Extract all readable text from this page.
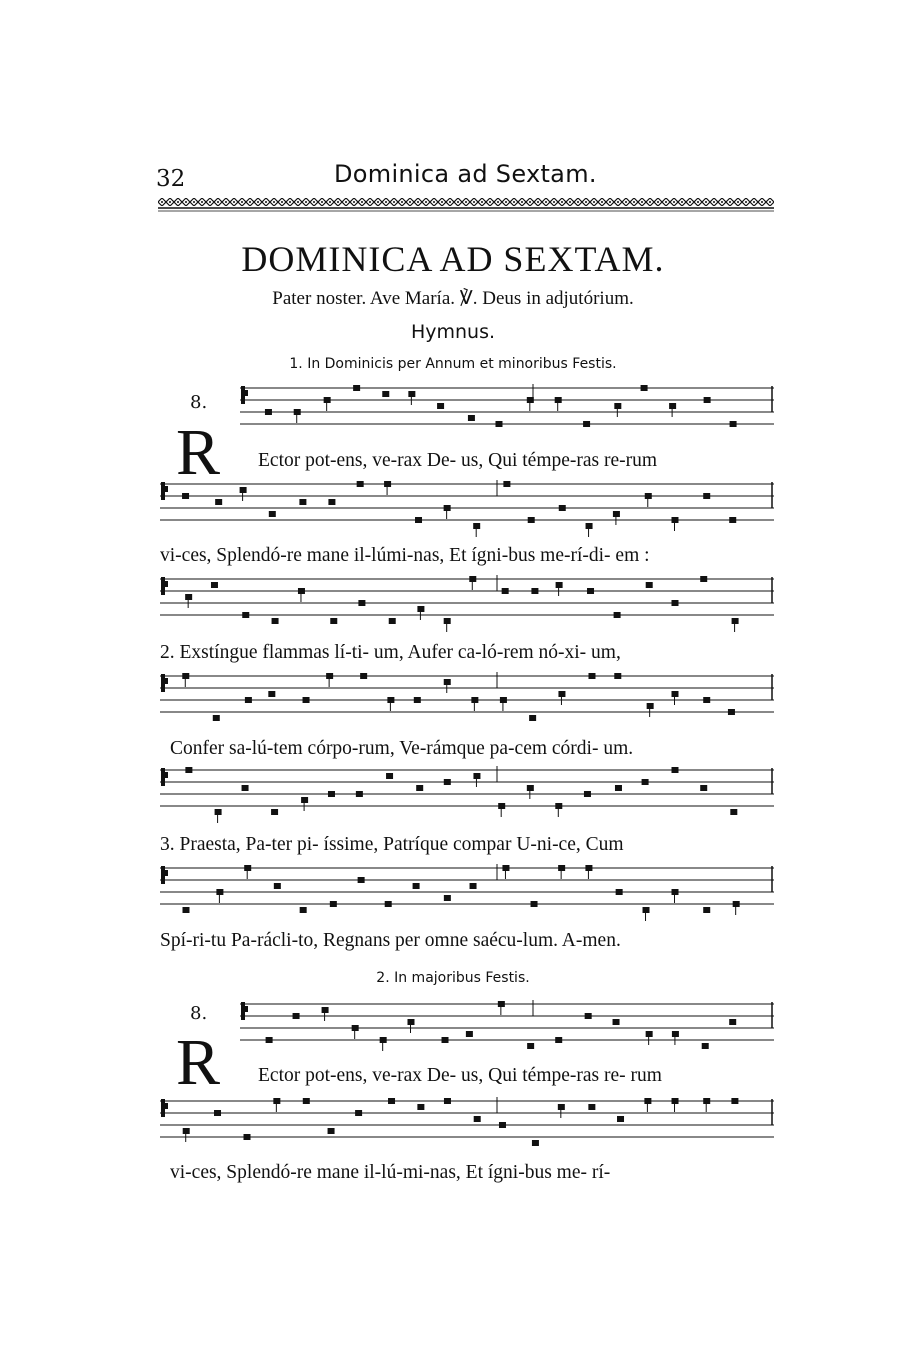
32	Dominica ad Sextam.
DOMINICA AD SEXTAM.
Pater noster. Ave María. ℣. Deus in adjutórium.
Hymnus.
1. In Dominicis per Annum et minoribus Festis.
8.
R Ector pot-ens, ve-rax De- us, Qui témpe-ras re-rum
vi-ces, Splendó-re mane il-lúmi-nas, Et ígni-bus me-rí-di- em :
2. Exstíngue flammas lí-ti- um, Aufer ca-ló-rem nó-xi- um,
Confer sa-lú-tem córpo-rum, Ve-rámque pa-cem córdi- um.
3. Praesta, Pa-ter pi- íssime, Patríque compar U-ni-ce, Cum
Spí-ri-tu Pa-rácli-to, Regnans per omne saécu-lum. A-men.
2. In majoribus Festis.
8.
R Ector pot-ens, ve-rax De- us, Qui témpe-ras re- rum
vi-ces, Splendó-re mane il-lú-mi-nas, Et ígni-bus me- rí-
